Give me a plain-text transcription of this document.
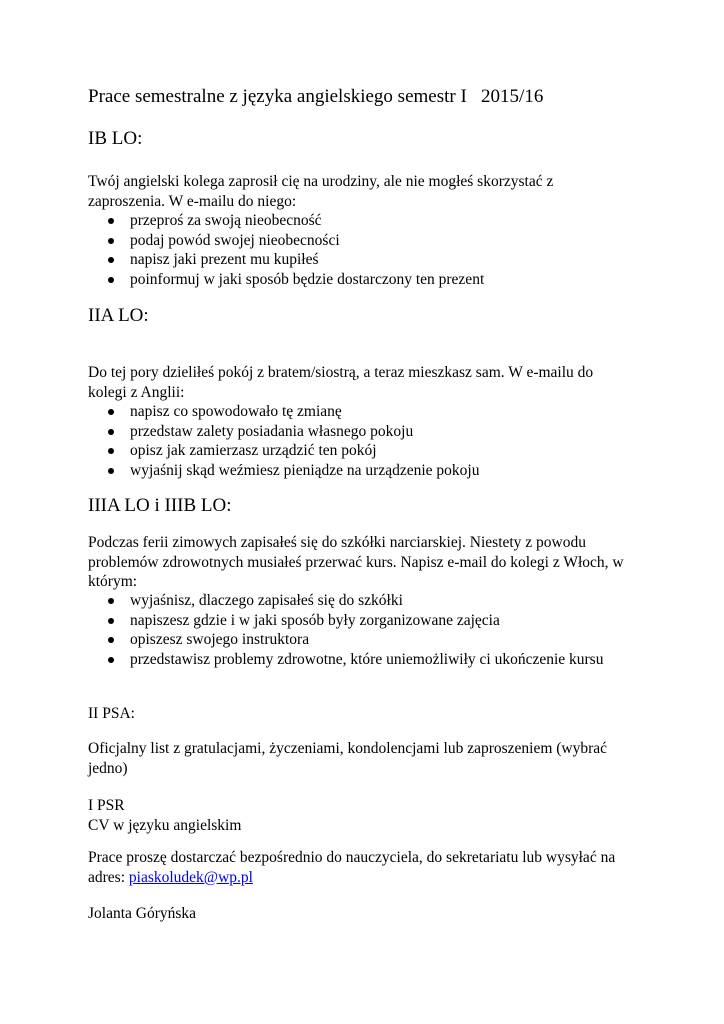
Prace semestralne z języka angielskiego semestr I   2015/16
IB LO:

Twój angielski kolega zaprosił cię na urodziny, ale nie mogłeś skorzystać z
zaproszenia. W e-mailu do niego:

przeproś za swoją nieobecność
podaj powód swojej nieobecności
napisz jaki prezent mu kupiłeś
poinformuj w jaki sposób będzie dostarczony ten prezent
IIA LO:

Do tej pory dzieliłeś pokój z bratem/siostrą, a teraz mieszkasz sam. W e-mailu do
kolegi z Anglii:

napisz co spowodowało tę zmianę
przedstaw zalety posiadania własnego pokoju
opisz jak zamierzasz urządzić ten pokój
wyjaśnij skąd weźmiesz pieniądze na urządzenie pokoju
IIIA LO i IIIB LO:

Podczas ferii zimowych zapisałeś się do szkółki narciarskiej. Niestety z powodu
problemów zdrowotnych musiałeś przerwać kurs. Napisz e-mail do kolegi z Włoch, w
którym:

wyjaśnisz, dlaczego zapisałeś się do szkółki
napiszesz gdzie i w jaki sposób były zorganizowane zajęcia
opiszesz swojego instruktora
przedstawisz problemy zdrowotne, które uniemożliwiły ci ukończenie kursu

II PSA:

Oficjalny list z gratulacjami, życzeniami, kondolencjami lub zaproszeniem (wybrać
jedno)

I PSR
CV w języku angielskim

Prace proszę dostarczać bezpośrednio do nauczyciela, do sekretariatu lub wysyłać na
adres: piaskoludek@wp.pl

Jolanta Góryńska
